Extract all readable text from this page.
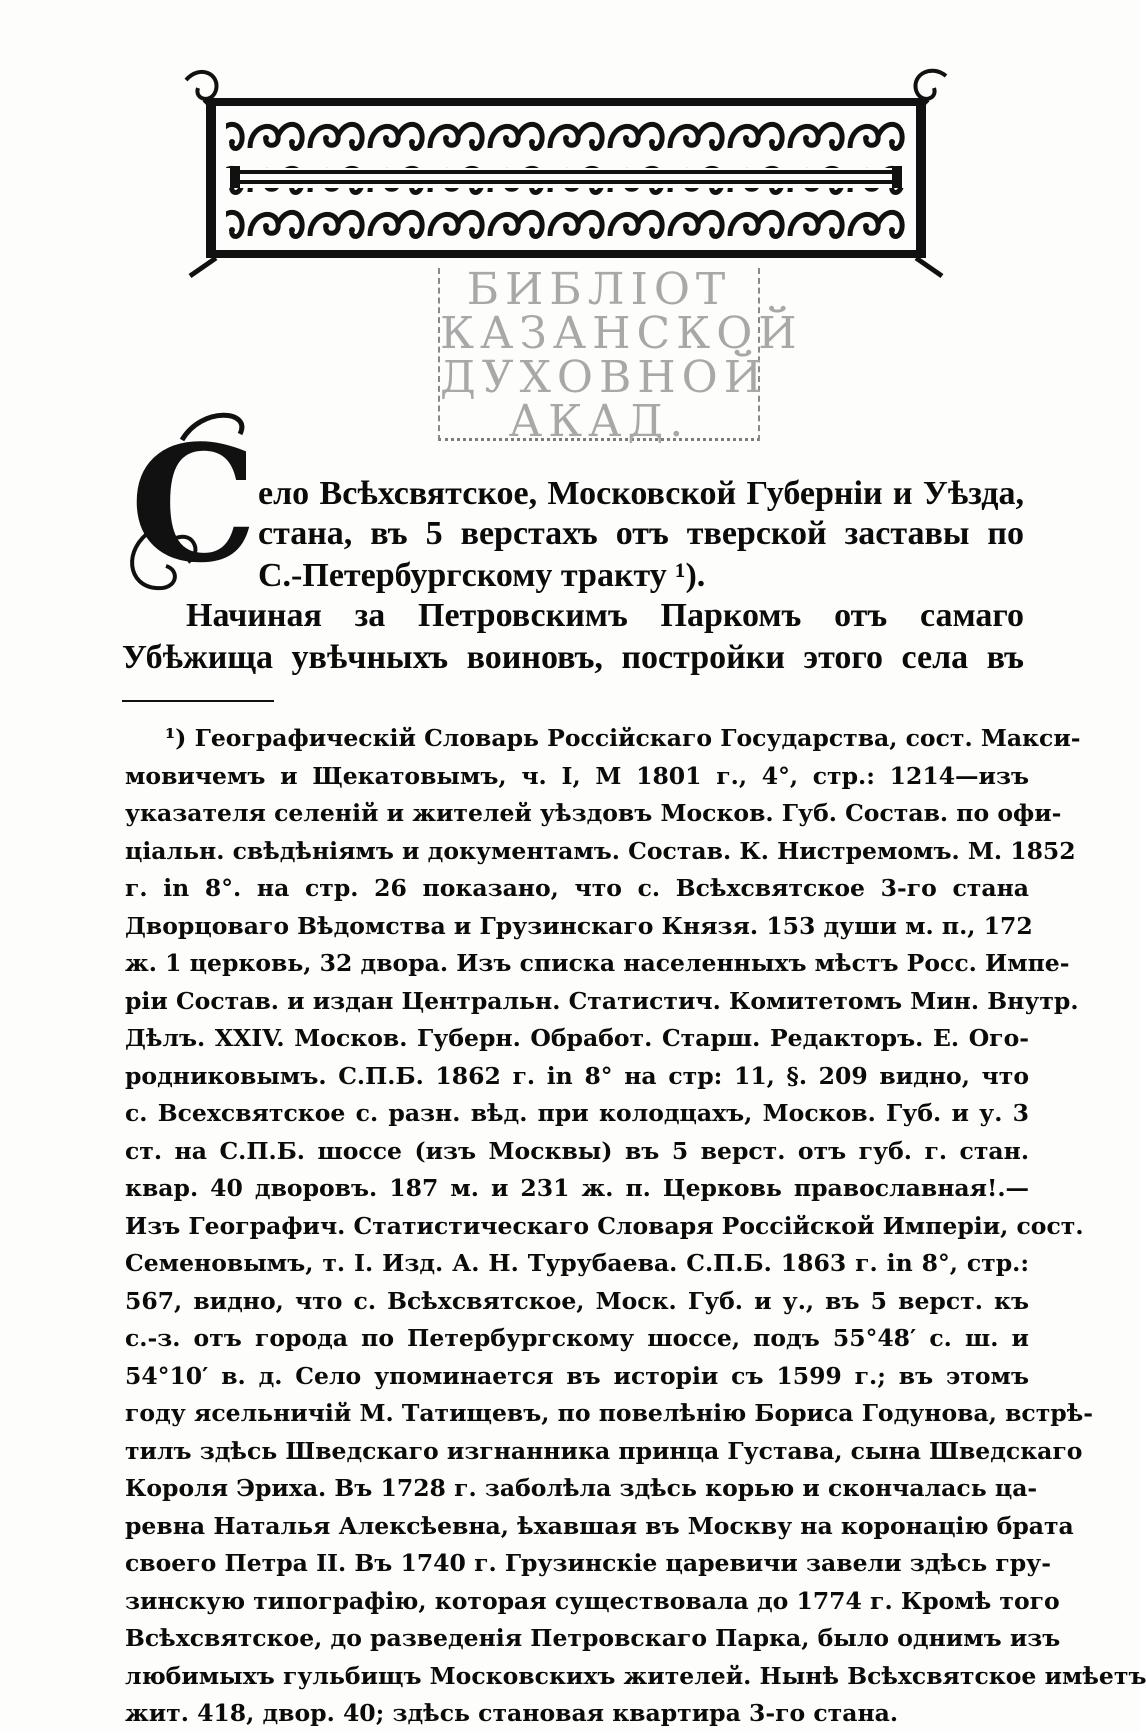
БИБЛІОТ
КАЗАНСКОЙ
ДУХОВНОЙ
АКАД.
С ело Всѣхсвятское, Московской Губерніи и Уѣзда,
стана, въ 5 верстахъ отъ тверской заставы по
С.-Петербургскому тракту ¹).
Начиная за Петровскимъ Паркомъ отъ самаго
Убѣжища увѣчныхъ воиновъ, постройки этого села въ
¹) Географическій Словарь Россійскаго Государства, сост. Макси-
мовичемъ и Щекатовымъ, ч. I, М 1801 г., 4°, стр.: 1214—изъ
указателя селеній и жителей уѣздовъ Москов. Губ. Состав. по офи-
ціальн. свѣдѣніямъ и документамъ. Состав. К. Нистремомъ. М. 1852
г. in 8°. на стр. 26 показано, что с. Всѣхсвятское 3-го стана
Дворцоваго Вѣдомства и Грузинскаго Князя. 153 души м. п., 172
ж. 1 церковь, 32 двора. Изъ списка населенныхъ мѣстъ Росс. Импе-
ріи Состав. и издан Центральн. Статистич. Комитетомъ Мин. Внутр.
Дѣлъ. XXIV. Москов. Губерн. Обработ. Старш. Редакторъ. Е. Ого-
родниковымъ. С.П.Б. 1862 г. in 8° на стр: 11, §. 209 видно, что
с. Всехсвятское с. разн. вѣд. при колодцахъ, Москов. Губ. и у. 3
ст. на С.П.Б. шоссе (изъ Москвы) въ 5 верст. отъ губ. г. стан.
квар. 40 дворовъ. 187 м. и 231 ж. п. Церковь православная!.—
Изъ Географич. Статистическаго Словаря Россійской Имперіи, сост.
Семеновымъ, т. I. Изд. А. Н. Турубаева. С.П.Б. 1863 г. in 8°, стр.:
567, видно, что с. Всѣхсвятское, Моск. Губ. и у., въ 5 верст. къ
с.-з. отъ города по Петербургскому шоссе, подъ 55°48′ с. ш. и
54°10′ в. д. Село упоминается въ исторіи съ 1599 г.; въ этомъ
году ясельничій М. Татищевъ, по повелѣнію Бориса Годунова, встрѣ-
тилъ здѣсь Шведскаго изгнанника принца Густава, сына Шведскаго
Короля Эриха. Въ 1728 г. заболѣла здѣсь корью и скончалась ца-
ревна Наталья Алексѣевна, ѣхавшая въ Москву на коронацію брата
своего Петра II. Въ 1740 г. Грузинскіе царевичи завели здѣсь гру-
зинскую типографію, которая существовала до 1774 г. Кромѣ того
Всѣхсвятское, до разведенія Петровскаго Парка, было однимъ изъ
любимыхъ гульбищъ Московскихъ жителей. Нынѣ Всѣхсвятское имѣетъ
жит. 418, двор. 40; здѣсь становая квартира 3-го стана.
